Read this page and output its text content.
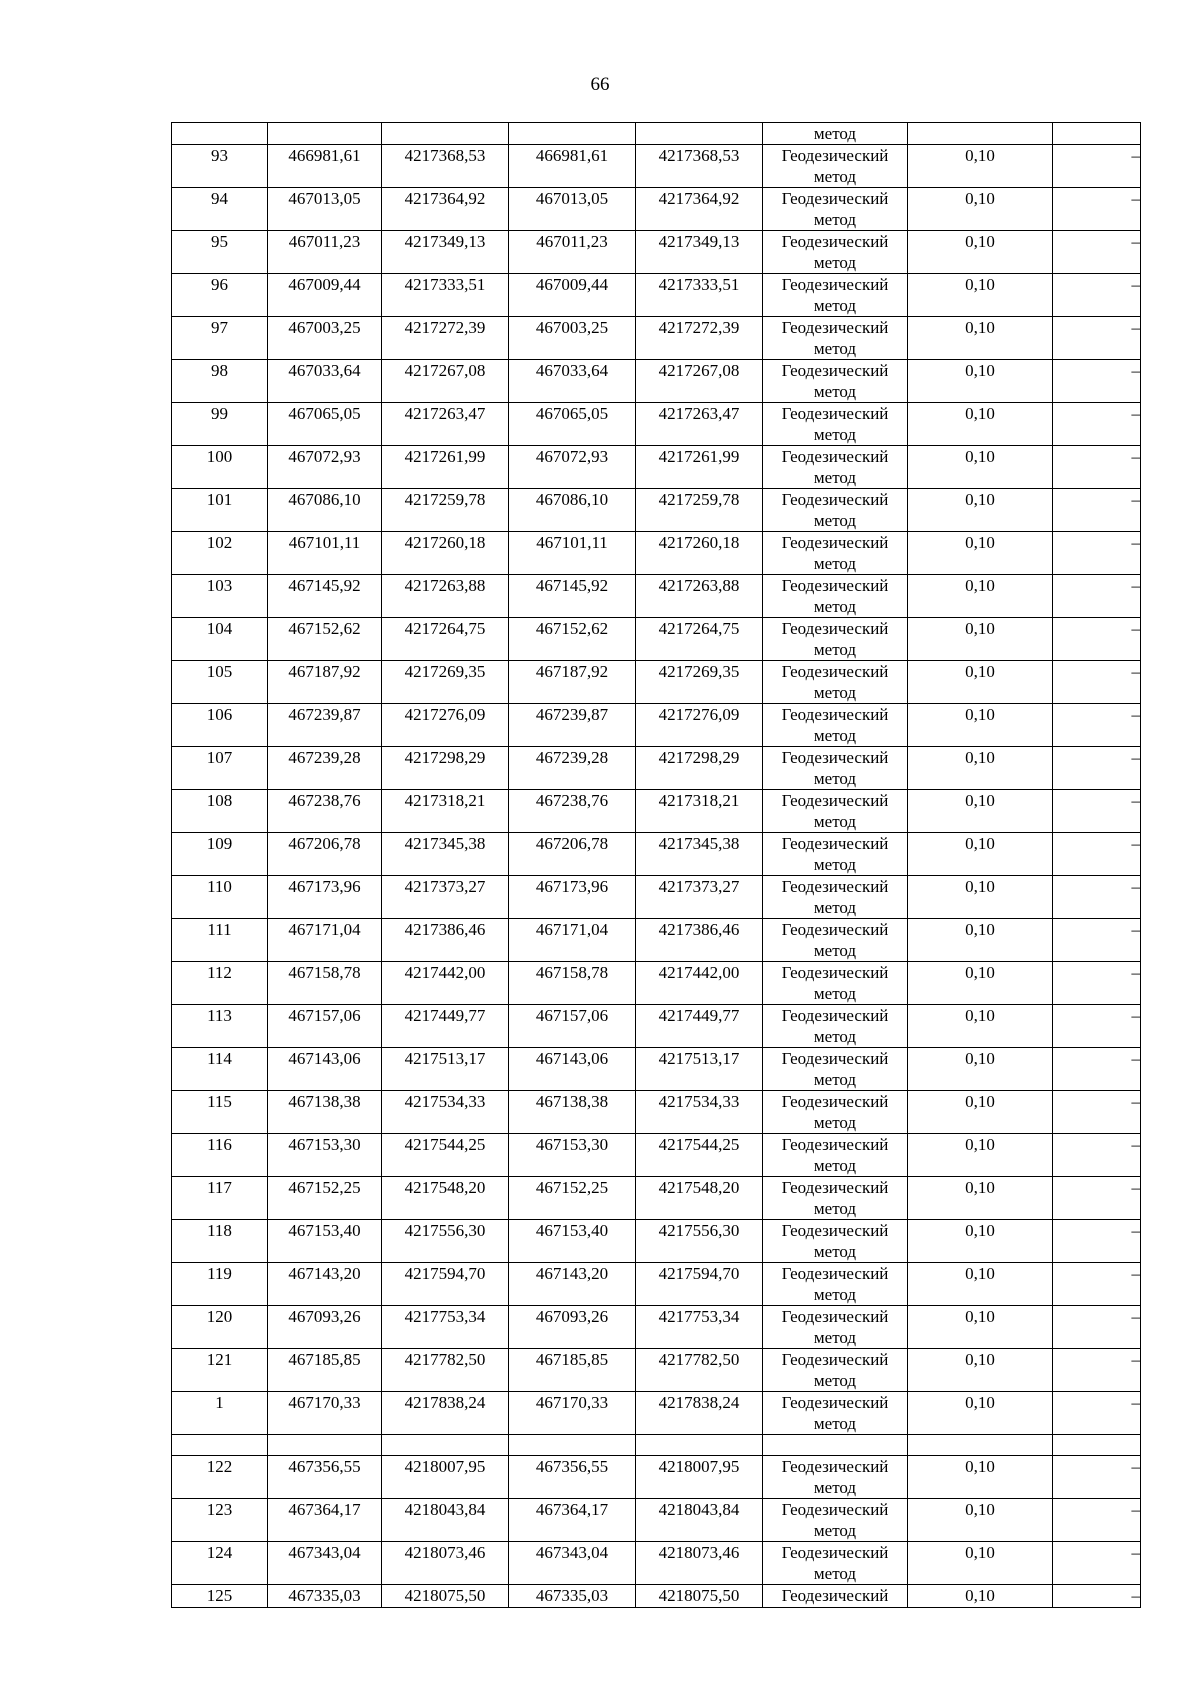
66
					метод		
93	466981,61	4217368,53	466981,61	4217368,53	Геодезический
метод	0,10	–
94	467013,05	4217364,92	467013,05	4217364,92	Геодезический
метод	0,10	–
95	467011,23	4217349,13	467011,23	4217349,13	Геодезический
метод	0,10	–
96	467009,44	4217333,51	467009,44	4217333,51	Геодезический
метод	0,10	–
97	467003,25	4217272,39	467003,25	4217272,39	Геодезический
метод	0,10	–
98	467033,64	4217267,08	467033,64	4217267,08	Геодезический
метод	0,10	–
99	467065,05	4217263,47	467065,05	4217263,47	Геодезический
метод	0,10	–
100	467072,93	4217261,99	467072,93	4217261,99	Геодезический
метод	0,10	–
101	467086,10	4217259,78	467086,10	4217259,78	Геодезический
метод	0,10	–
102	467101,11	4217260,18	467101,11	4217260,18	Геодезический
метод	0,10	–
103	467145,92	4217263,88	467145,92	4217263,88	Геодезический
метод	0,10	–
104	467152,62	4217264,75	467152,62	4217264,75	Геодезический
метод	0,10	–
105	467187,92	4217269,35	467187,92	4217269,35	Геодезический
метод	0,10	–
106	467239,87	4217276,09	467239,87	4217276,09	Геодезический
метод	0,10	–
107	467239,28	4217298,29	467239,28	4217298,29	Геодезический
метод	0,10	–
108	467238,76	4217318,21	467238,76	4217318,21	Геодезический
метод	0,10	–
109	467206,78	4217345,38	467206,78	4217345,38	Геодезический
метод	0,10	–
110	467173,96	4217373,27	467173,96	4217373,27	Геодезический
метод	0,10	–
111	467171,04	4217386,46	467171,04	4217386,46	Геодезический
метод	0,10	–
112	467158,78	4217442,00	467158,78	4217442,00	Геодезический
метод	0,10	–
113	467157,06	4217449,77	467157,06	4217449,77	Геодезический
метод	0,10	–
114	467143,06	4217513,17	467143,06	4217513,17	Геодезический
метод	0,10	–
115	467138,38	4217534,33	467138,38	4217534,33	Геодезический
метод	0,10	–
116	467153,30	4217544,25	467153,30	4217544,25	Геодезический
метод	0,10	–
117	467152,25	4217548,20	467152,25	4217548,20	Геодезический
метод	0,10	–
118	467153,40	4217556,30	467153,40	4217556,30	Геодезический
метод	0,10	–
119	467143,20	4217594,70	467143,20	4217594,70	Геодезический
метод	0,10	–
120	467093,26	4217753,34	467093,26	4217753,34	Геодезический
метод	0,10	–
121	467185,85	4217782,50	467185,85	4217782,50	Геодезический
метод	0,10	–
1	467170,33	4217838,24	467170,33	4217838,24	Геодезический
метод	0,10	–

122	467356,55	4218007,95	467356,55	4218007,95	Геодезический
метод	0,10	–
123	467364,17	4218043,84	467364,17	4218043,84	Геодезический
метод	0,10	–
124	467343,04	4218073,46	467343,04	4218073,46	Геодезический
метод	0,10	–
125	467335,03	4218075,50	467335,03	4218075,50	Геодезический	0,10	–
